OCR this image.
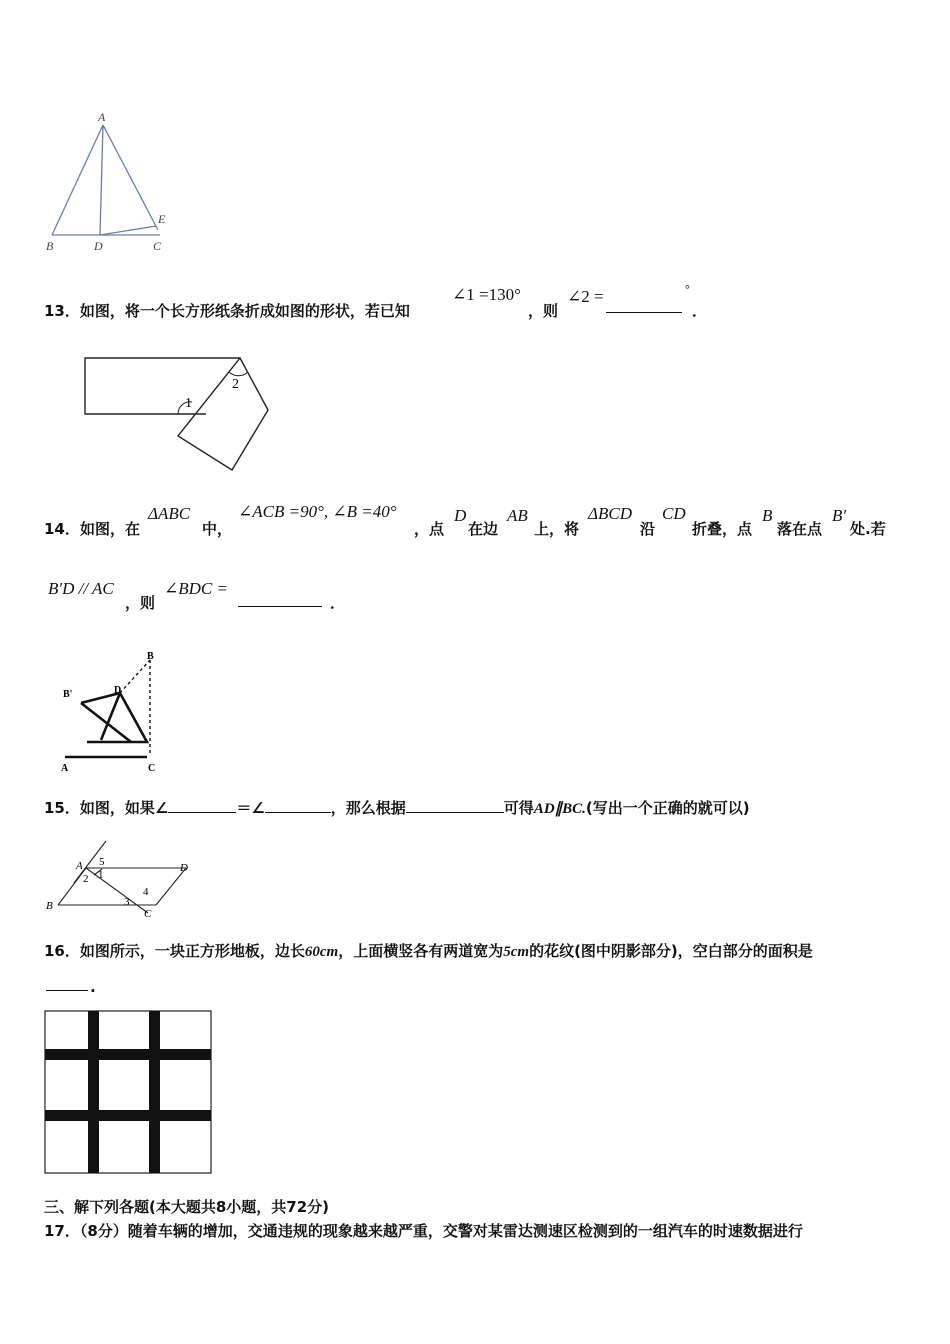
A
B	D	C
E
13．如图，将一个长方形纸条折成如图的形状，若已知
∠1 =130°
，则
∠2 =	°
．
1
2
14． 如图，在
ΔABC
中，
∠ACB =90°, ∠B =40°
，点
D
在边
AB
上，将
ΔBCD
沿
CD
折叠，点
B
落在点
B′
处.若
B′D // AC
，则
∠BDC =
．
B
B'	D
A	C
15．如图，如果∠	＝∠	，那么根据	可得AD∥BC.(写出一个正确的就可以)
A
B
C
D
5
1
2
3
4
16．如图所示，一块正方形地板，边长60cm，上面横竖各有两道宽为5cm的花纹(图中阴影部分)，空白部分的面积是
.
三、解下列各题(本大题共8小题，共72分)
17．（8分）随着车辆的增加，交通违规的现象越来越严重，交警对某雷达测速区检测到的一组汽车的时速数据进行
